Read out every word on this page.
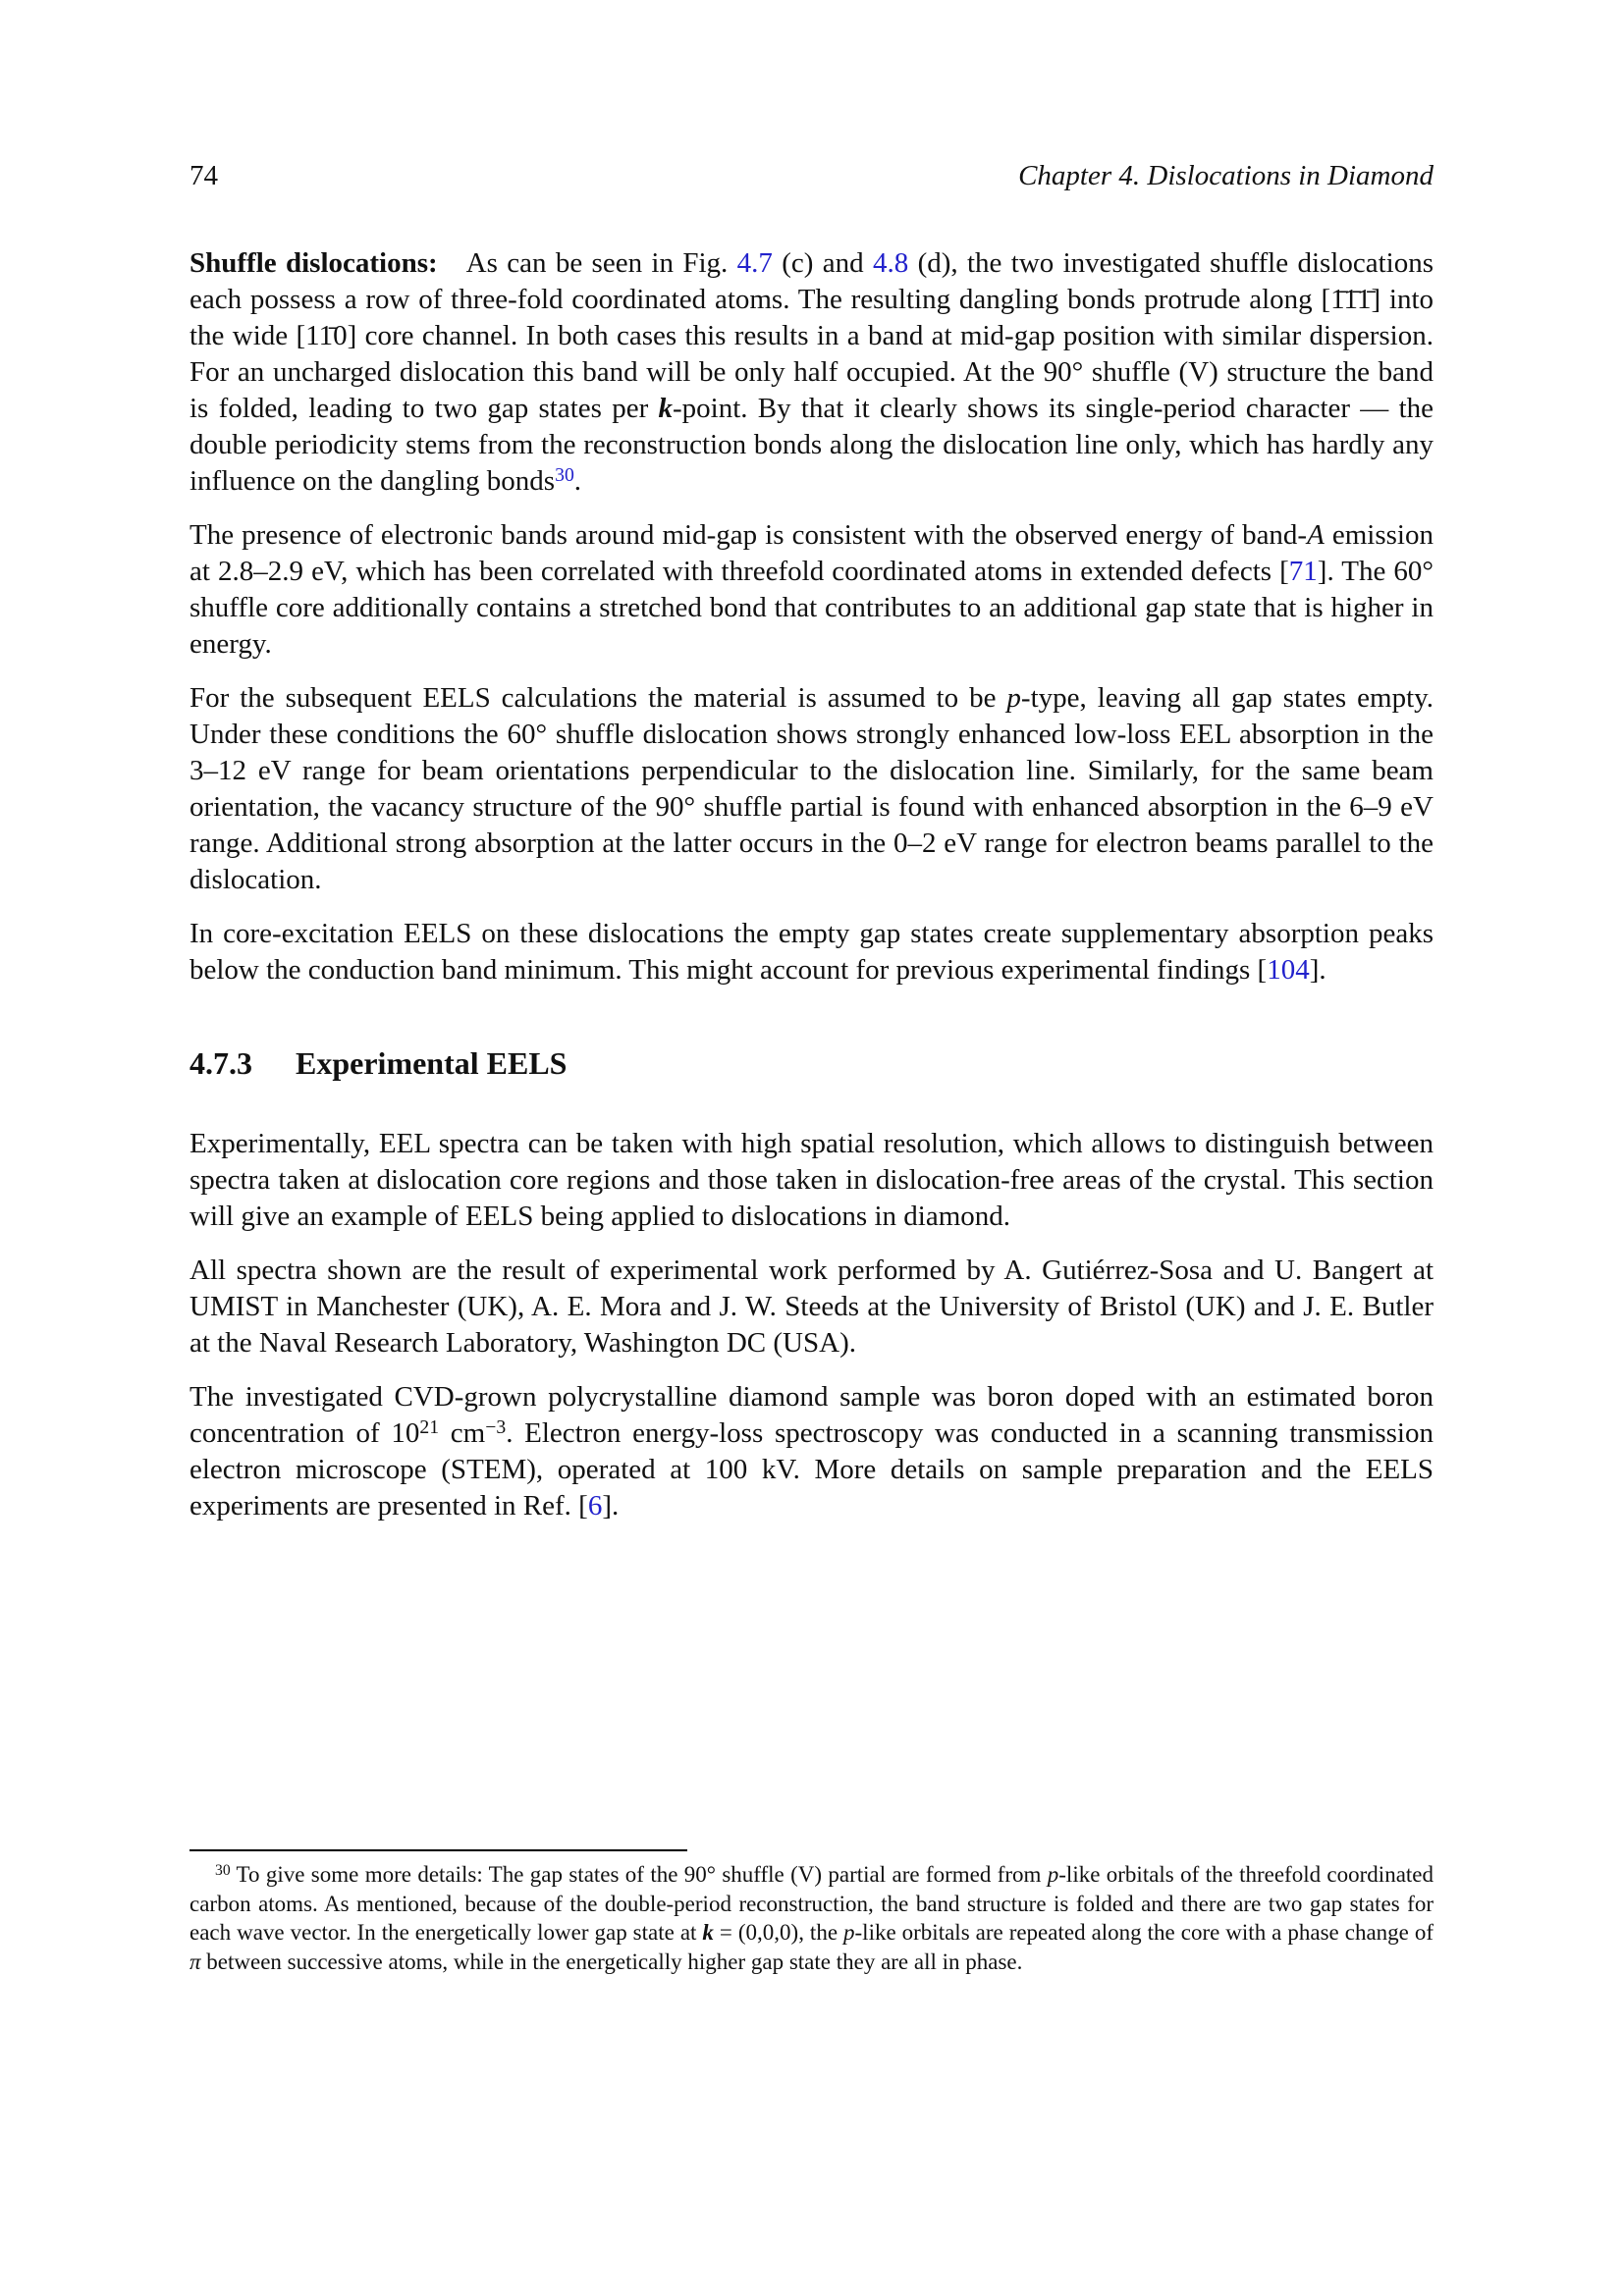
74	Chapter 4. Dislocations in Diamond

Shuffle dislocations:  As can be seen in Fig. 4.7 (c) and 4.8 (d), the two investigated shuffle dislocations each possess a row of three-fold coordinated atoms. The resulting dangling bonds protrude along [1̄1̄1̄] into the wide [11̄0] core channel. In both cases this results in a band at mid-gap position with similar dispersion. For an uncharged dislocation this band will be only half occupied. At the 90° shuffle (V) structure the band is folded, leading to two gap states per k-point. By that it clearly shows its single-period character — the double periodicity stems from the reconstruction bonds along the dislocation line only, which has hardly any influence on the dangling bonds$^{30}$.

The presence of electronic bands around mid-gap is consistent with the observed energy of band-A emission at 2.8–2.9 eV, which has been correlated with threefold coordinated atoms in extended defects [71]. The 60° shuffle core additionally contains a stretched bond that contributes to an additional gap state that is higher in energy.

For the subsequent EELS calculations the material is assumed to be p-type, leaving all gap states empty. Under these conditions the 60° shuffle dislocation shows strongly enhanced low-loss EEL absorption in the 3–12 eV range for beam orientations perpendicular to the dislocation line. Similarly, for the same beam orientation, the vacancy structure of the 90° shuffle partial is found with enhanced absorption in the 6–9 eV range. Additional strong absorption at the latter occurs in the 0–2 eV range for electron beams parallel to the dislocation.

In core-excitation EELS on these dislocations the empty gap states create supplementary absorption peaks below the conduction band minimum. This might account for previous experimental findings [104].

4.7.3 Experimental EELS

Experimentally, EEL spectra can be taken with high spatial resolution, which allows to distinguish between spectra taken at dislocation core regions and those taken in dislocation-free areas of the crystal. This section will give an example of EELS being applied to dislocations in diamond.

All spectra shown are the result of experimental work performed by A. Gutiérrez-Sosa and U. Bangert at UMIST in Manchester (UK), A. E. Mora and J. W. Steeds at the University of Bristol (UK) and J. E. Butler at the Naval Research Laboratory, Washington DC (USA).

The investigated CVD-grown polycrystalline diamond sample was boron doped with an estimated boron concentration of $10^{21}$ $cm^{-3}$. Electron energy-loss spectroscopy was conducted in a scanning transmission electron microscope (STEM), operated at 100 kV. More details on sample preparation and the EELS experiments are presented in Ref. [6].

$^{30}$ To give some more details: The gap states of the 90° shuffle (V) partial are formed from p-like orbitals of the threefold coordinated carbon atoms. As mentioned, because of the double-period reconstruction, the band structure is folded and there are two gap states for each wave vector. In the energetically lower gap state at k = (0,0,0), the p-like orbitals are repeated along the core with a phase change of π between successive atoms, while in the energetically higher gap state they are all in phase.
